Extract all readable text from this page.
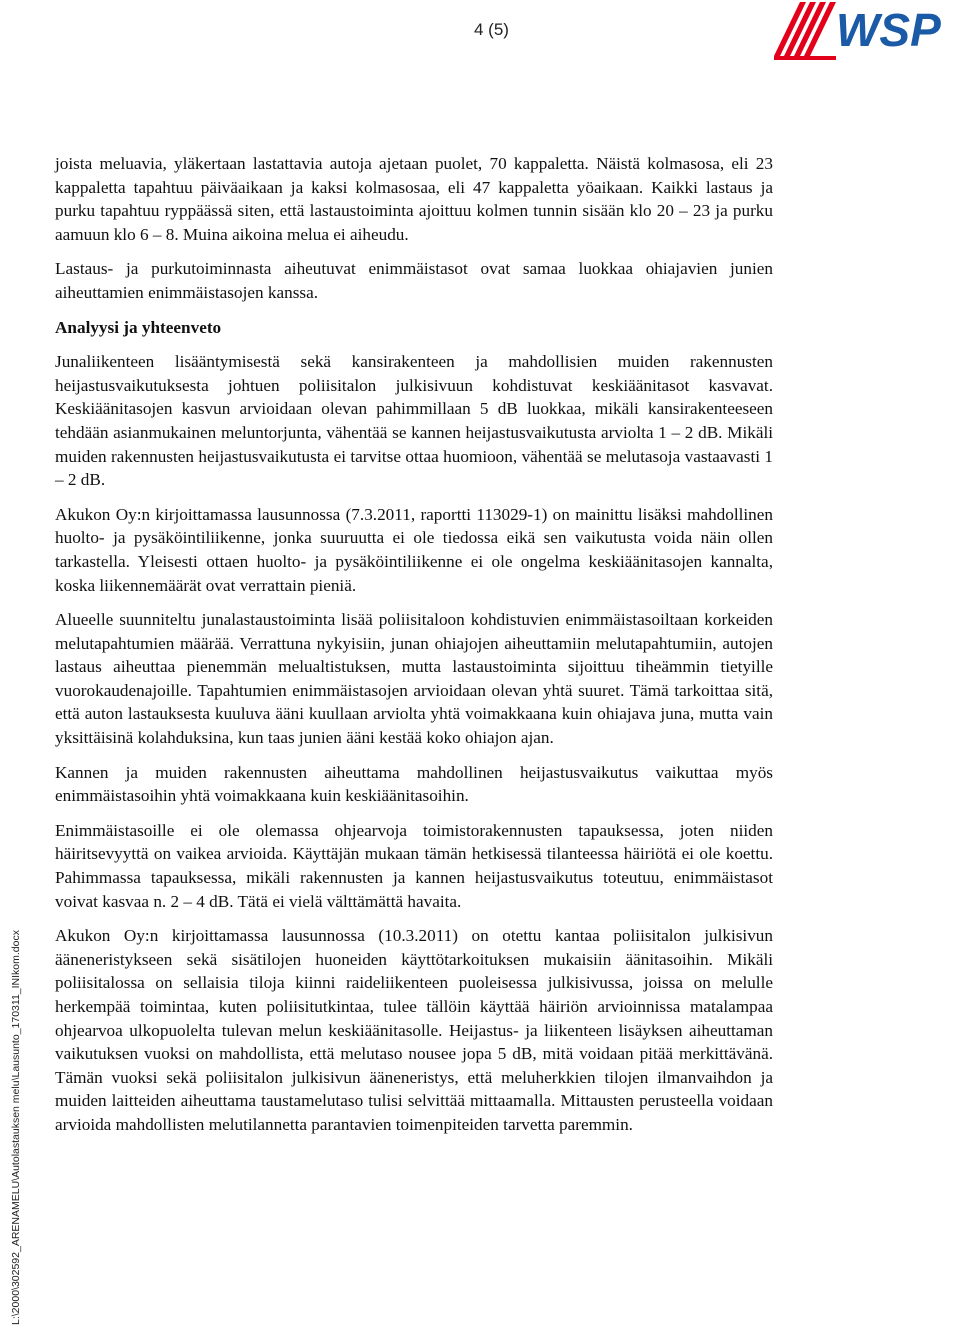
4 (5)	WSP
L:\2000\302592_ARENAMELU\Autolastauksen melu\Lausunto_170311_INIkom.docx

joista meluavia, yläkertaan lastattavia autoja ajetaan puolet, 70 kappaletta. Näistä kolmasosa, eli 23 kappaletta tapahtuu päiväaikaan ja kaksi kolmasosaa, eli 47 kappaletta yöaikaan. Kaikki lastaus ja purku tapahtuu ryppäässä siten, että lastaustoiminta ajoittuu kolmen tunnin sisään klo 20 – 23 ja purku aamuun klo 6 – 8. Muina aikoina melua ei aiheudu.

Lastaus- ja purkutoiminnasta aiheutuvat enimmäistasot ovat samaa luokkaa ohiajavien junien aiheuttamien enimmäistasojen kanssa.

Analyysi ja yhteenveto

Junaliikenteen lisääntymisestä sekä kansirakenteen ja mahdollisien muiden rakennusten heijastusvaikutuksesta johtuen poliisitalon julkisivuun kohdistuvat keskiäänitasot kasvavat. Keskiäänitasojen kasvun arvioidaan olevan pahimmillaan 5 dB luokkaa, mikäli kansirakenteeseen tehdään asianmukainen meluntorjunta, vähentää se kannen heijastusvaikutusta arviolta 1 – 2 dB. Mikäli muiden rakennusten heijastusvaikutusta ei tarvitse ottaa huomioon, vähentää se melutasoja vastaavasti 1 – 2 dB.

Akukon Oy:n kirjoittamassa lausunnossa (7.3.2011, raportti 113029-1) on mainittu lisäksi mahdollinen huolto- ja pysäköintiliikenne, jonka suuruutta ei ole tiedossa eikä sen vaikutusta voida näin ollen tarkastella. Yleisesti ottaen huolto- ja pysäköintiliikenne ei ole ongelma keskiäänitasojen kannalta, koska liikennemäärät ovat verrattain pieniä.

Alueelle suunniteltu junalastaustoiminta lisää poliisitaloon kohdistuvien enimmäistasoiltaan korkeiden melutapahtumien määrää. Verrattuna nykyisiin, junan ohiajojen aiheuttamiin melutapahtumiin, autojen lastaus aiheuttaa pienemmän melualtistuksen, mutta lastaustoiminta sijoittuu tiheämmin tietyille vuorokaudenajoille. Tapahtumien enimmäistasojen arvioidaan olevan yhtä suuret. Tämä tarkoittaa sitä, että auton lastauksesta kuuluva ääni kuullaan arviolta yhtä voimakkaana kuin ohiajava juna, mutta vain yksittäisinä kolahduksina, kun taas junien ääni kestää koko ohiajon ajan.

Kannen ja muiden rakennusten aiheuttama mahdollinen heijastusvaikutus vaikuttaa myös enimmäistasoihin yhtä voimakkaana kuin keskiäänitasoihin.

Enimmäistasoille ei ole olemassa ohjearvoja toimistorakennusten tapauksessa, joten niiden häiritsevyyttä on vaikea arvioida. Käyttäjän mukaan tämän hetkisessä tilanteessa häiriötä ei ole koettu. Pahimmassa tapauksessa, mikäli rakennusten ja kannen heijastusvaikutus toteutuu, enimmäistasot voivat kasvaa n. 2 – 4 dB. Tätä ei vielä välttämättä havaita.

Akukon Oy:n kirjoittamassa lausunnossa (10.3.2011) on otettu kantaa poliisitalon julkisivun ääneneristykseen sekä sisätilojen huoneiden käyttötarkoituksen mukaisiin äänitasoihin. Mikäli poliisitalossa on sellaisia tiloja kiinni raideliikenteen puoleisessa julkisivussa, joissa on melulle herkempää toimintaa, kuten poliisitutkintaa, tulee tällöin käyttää häiriön arvioinnissa matalampaa ohjearvoa ulkopuolelta tulevan melun keskiäänitasolle. Heijastus- ja liikenteen lisäyksen aiheuttaman vaikutuksen vuoksi on mahdollista, että melutaso nousee jopa 5 dB, mitä voidaan pitää merkittävänä. Tämän vuoksi sekä poliisitalon julkisivun ääneneristys, että meluherkkien tilojen ilmanvaihdon ja muiden laitteiden aiheuttama taustamelutaso tulisi selvittää mittaamalla. Mittausten perusteella voidaan arvioida mahdollisten melutilannetta parantavien toimenpiteiden tarvetta paremmin.
